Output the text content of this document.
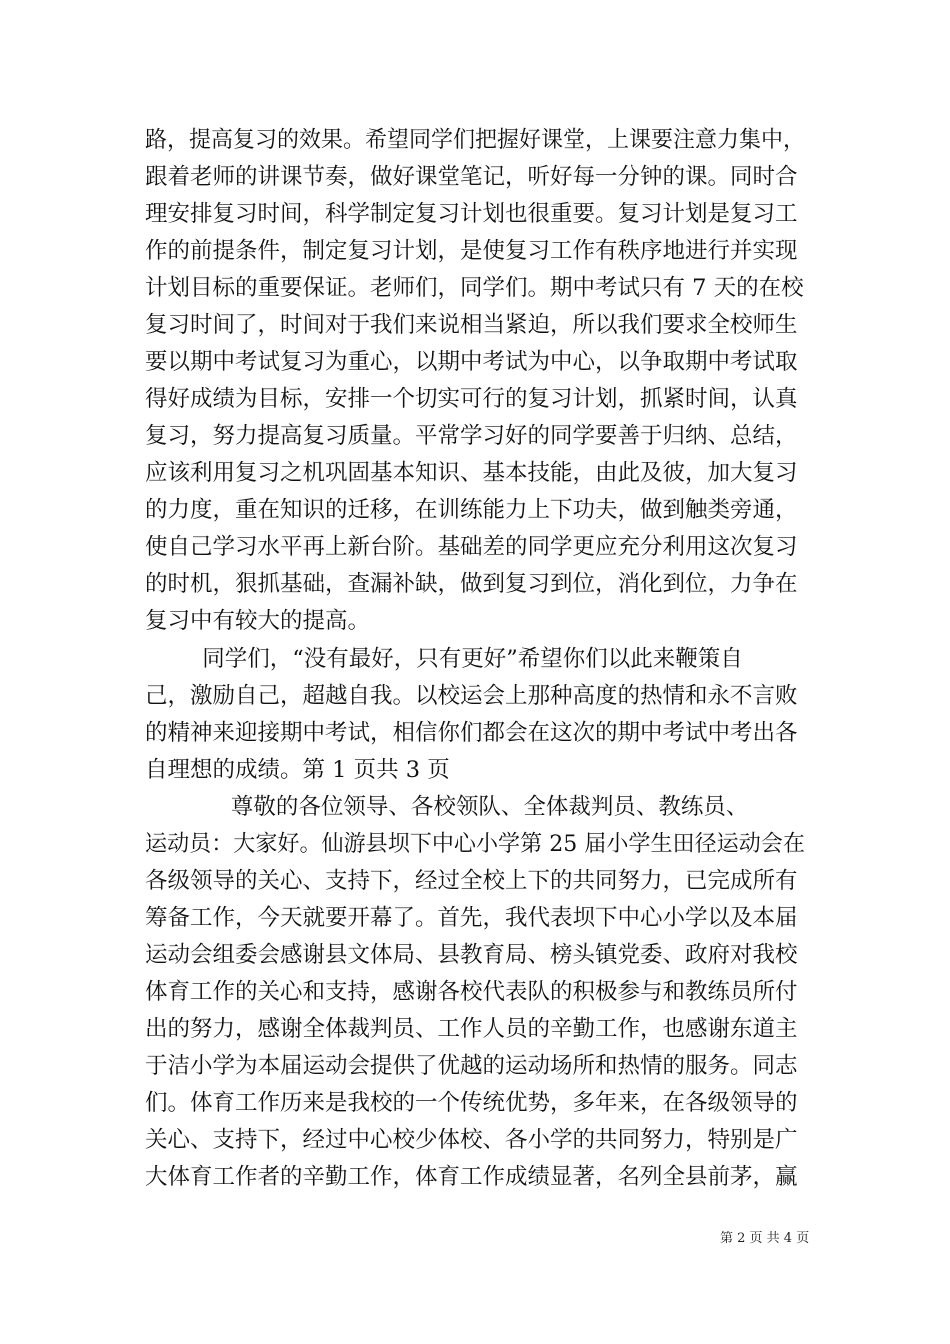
路，提高复习的效果。希望同学们把握好课堂，上课要注意力集中，
跟着老师的讲课节奏，做好课堂笔记，听好每一分钟的课。同时合
理安排复习时间，科学制定复习计划也很重要。复习计划是复习工
作的前提条件，制定复习计划，是使复习工作有秩序地进行并实现
计划目标的重要保证。老师们，同学们。期中考试只有 7 天的在校
复习时间了，时间对于我们来说相当紧迫，所以我们要求全校师生
要以期中考试复习为重心，以期中考试为中心，以争取期中考试取
得好成绩为目标，安排一个切实可行的复习计划，抓紧时间，认真
复习，努力提高复习质量。平常学习好的同学要善于归纳、总结，
应该利用复习之机巩固基本知识、基本技能，由此及彼，加大复习
的力度，重在知识的迁移，在训练能力上下功夫，做到触类旁通，
使自己学习水平再上新台阶。基础差的同学更应充分利用这次复习
的时机，狠抓基础，查漏补缺，做到复习到位，消化到位，力争在
复习中有较大的提高。
同学们，“没有最好，只有更好”希望你们以此来鞭策自
己，激励自己，超越自我。以校运会上那种高度的热情和永不言败
的精神来迎接期中考试，相信你们都会在这次的期中考试中考出各
自理想的成绩。第 1 页共 3 页
尊敬的各位领导、各校领队、全体裁判员、教练员、
运动员：大家好。仙游县坝下中心小学第 25 届小学生田径运动会在
各级领导的关心、支持下，经过全校上下的共同努力，已完成所有
筹备工作，今天就要开幕了。首先，我代表坝下中心小学以及本届
运动会组委会感谢县文体局、县教育局、榜头镇党委、政府对我校
体育工作的关心和支持，感谢各校代表队的积极参与和教练员所付
出的努力，感谢全体裁判员、工作人员的辛勤工作，也感谢东道主
于洁小学为本届运动会提供了优越的运动场所和热情的服务。同志
们。体育工作历来是我校的一个传统优势，多年来，在各级领导的
关心、支持下，经过中心校少体校、各小学的共同努力，特别是广
大体育工作者的辛勤工作，体育工作成绩显著，名列全县前茅，赢
第 2 页 共 4 页
